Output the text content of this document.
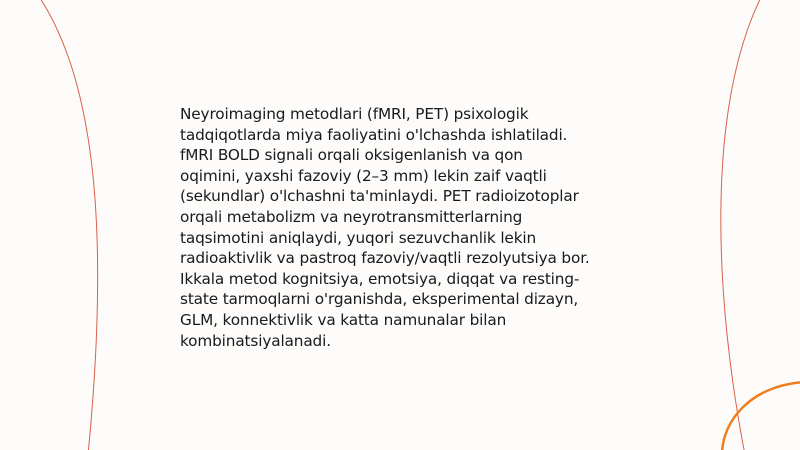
Neyroimaging metodlari (fMRI, PET) psixologik
tadqiqotlarda miya faoliyatini o'lchashda ishlatiladi.
fMRI BOLD signali orqali oksigenlanish va qon
oqimini, yaxshi fazoviy (2–3 mm) lekin zaif vaqtli
(sekundlar) o'lchashni ta'minlaydi. PET radioizotoplar
orqali metabolizm va neyrotransmitterlarning
taqsimotini aniqlaydi, yuqori sezuvchanlik lekin
radioaktivlik va pastroq fazoviy/vaqtli rezolyutsiya bor.
Ikkala metod kognitsiya, emotsiya, diqqat va resting-
state tarmoqlarni o'rganishda, eksperimental dizayn,
GLM, konnektivlik va katta namunalar bilan
kombinatsiyalanadi.
